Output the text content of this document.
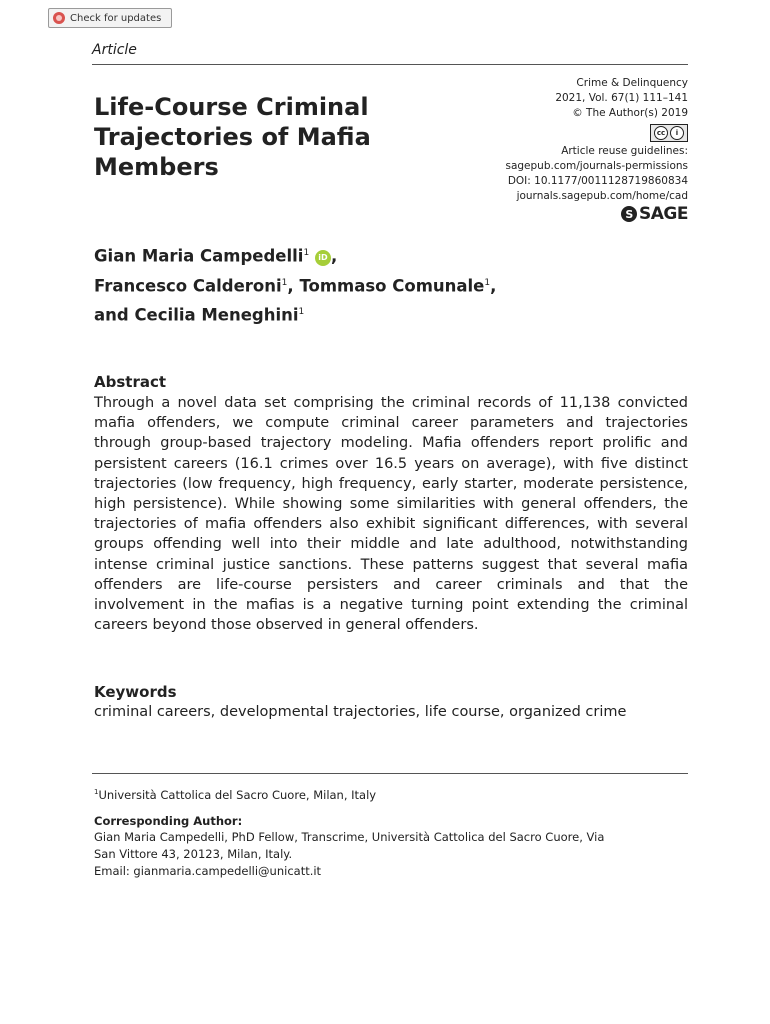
Check for updates
Article
Life-Course Criminal Trajectories of Mafia Members
Crime & Delinquency
2021, Vol. 67(1) 111–141
© The Author(s) 2019
cc	i
Article reuse guidelines:
sagepub.com/journals-permissions
DOI: 10.1177/0011128719860834
journals.sagepub.com/home/cad
S SAGE
Gian Maria Campedelli$^1$ iD ,
Francesco Calderoni$^1$, Tommaso Comunale$^1$,
and Cecilia Meneghini$^1$
Abstract

Through a novel data set comprising the criminal records of 11,138 convicted mafia offenders, we compute criminal career parameters and trajectories through group-based trajectory modeling. Mafia offenders report prolific and persistent careers (16.1 crimes over 16.5 years on average), with five distinct trajectories (low frequency, high frequency, early starter, moderate persistence, high persistence). While showing some similarities with general offenders, the trajectories of mafia offenders also exhibit significant differences, with several groups offending well into their middle and late adulthood, notwithstanding intense criminal justice sanctions. These patterns suggest that several mafia offenders are life-course persisters and career criminals and that the involvement in the mafias is a negative turning point extending the criminal careers beyond those observed in general offenders.

Keywords
criminal careers, developmental trajectories, life course, organized crime
$^1$Università Cattolica del Sacro Cuore, Milan, Italy
Corresponding Author:
Gian Maria Campedelli, PhD Fellow, Transcrime, Università Cattolica del Sacro Cuore, Via
San Vittore 43, 20123, Milan, Italy.
Email: gianmaria.campedelli@unicatt.it
